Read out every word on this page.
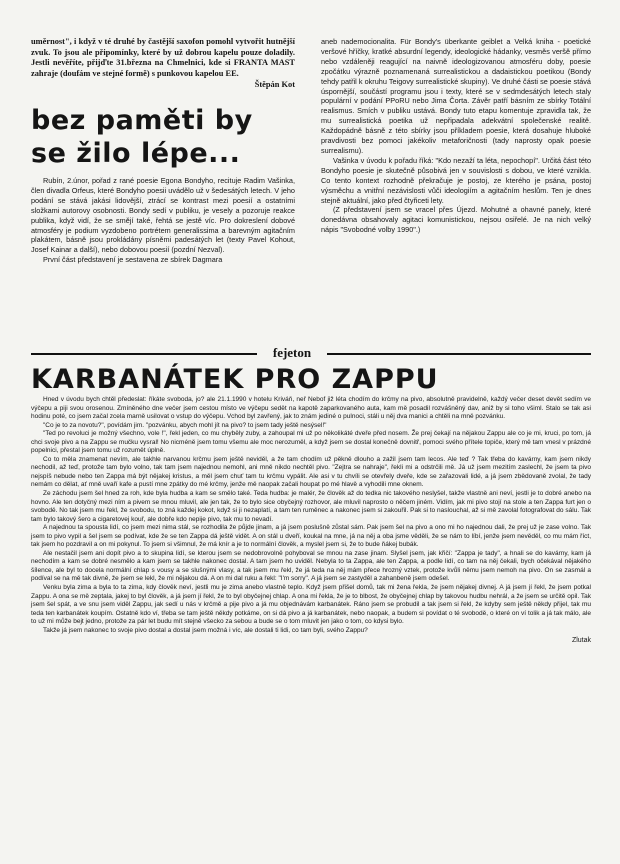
uměrnost", i když v té druhé by častější saxofon pomohl vytvořit hutnější zvuk. To jsou ale připomínky, které by už dobrou kapelu pouze doladily. Jestli nevěříte, přijďte 31.března na Chmelnici, kde si FRANTA MAST zahraje (doufám ve stejné formě) s punkovou kapelou EE.

Štěpán Kot

bez paměti by se žilo lépe...

Rubín, 2.únor, pořad z rané poesie Egona Bondyho, recituje Radim Vašinka, člen divadla Orfeus, které Bondyho poesii uvádělo už v šedesátých letech. V jeho podání se stává jakási lidovější, ztrácí se kontrast mezi poesií a ostatními složkami autorovy osobnosti. Bondy sedí v publiku, je vesely a pozoruje reakce publika, když vidí, že se smějí také, řehtá se jestě víc. Pro dokreslení dobové atmosféry je podium vyzdobeno portrétem generalissima a barevným agitačním plakátem, básně jsou prokládány písněmi padesátých let (texty Pavel Kohout, Josef Kainar a další), nebo dobovou poesií (pozdní Nezval).

První část představení je sestavena ze sbírek Dagmara

aneb nademocionalita. Für Bondy's überkante geiblet a Velká kniha - poetické veršové hříčky, kratké absurdní legendy, ideologické hádanky, vesměs veršě přímo nebo vzdáleněji reagující na naivně ideologizovanou atmosféru doby, poesie zpočátku výrazně poznamenaná surrealistickou a dadaistickou poetikou (Bondy tehdy patřil k okruhu Teigovy surrealistické skupiny). Ve druhé části se poesie stává úspornější, součástí programu jsou i texty, které se v sedmdesátých letech staly populární v podání PPoRU nebo Jima Čorta. Závěr patří básním ze sbírky Totální realismus. Smích v publiku ustává. Bondy tuto etapu komentuje zpravidla tak, že mu surrealistická poetika už nepřipadala adekvátní společenské realitě. Každopádně básně z této sbírky jsou příkladem poesie, která dosahuje hluboké pravdivosti bez pomoci jakékoliv metaforičnosti (tady naprosty opak poesie surrealismu).

Vašinka v úvodu k pořadu říká: "Kdo nezaží ta léta, nepochopí". Určitá část této Bondyho poesie je skutečně působivá jen v souvislosti s dobou, ve které vznikla. Co tento kontext rozhodně překračuje je postoj, ze kterého je psána, postoj výsměchu a vnitřní nezávislosti vůči ideologiím a agitačním heslům. Ten je dnes stejně aktuální, jako před čtyřiceti lety.

(Z představení jsem se vracel přes Újezd. Mohutné a ohavné panely, které donedávna obsahovaly agitaci komunistickou, nejsou osiřelé. Je na nich velký nápis "Svobodné volby 1990".)

fejeton
KARBANÁTEK PRO ZAPPU

Hned v úvodu bych chtěl předeslat: říkáte svoboda, jo? ale 21.1.1990 v hotelu Kriváň, neř Nebof již léta chodím do krčmy na pivo, absolutně pravidelně, každý večer deset devět sedím ve výčepu a piji svou orosenou. Zmíněného dne večer jsem cestou místo ve výčepu sedět na kapotě zaparkovaného auta, kam mě posadil rozvášněný dav, aniž by si toho všiml. Stalo se tak asi hodinu poté, co jsem začal zcela marně usilovat o vstup do výčepu. Vchod byl zavřený, jak to znám jediné o pulnoci, stáli u něj dva manici a chtěli na mně pozvánku.

"Co je to za novotu?", povídám jim. "pozvánku, abych mohl jít na pivo? to jsem tady ještě nesýsel!"

"Ted po revoluci je možný všechno, vole !", řekl jeden, co mu chyběly zuby, a zahoupal mi už po několikáté dveře před nosem. Že prej čekají na nějakou Zappu ale co je mi, kruci, po tom, já chci svoje pivo a na Zappu se mučku vysral! No nicméně jsem tomu všemu ale moc nerozuměl, a když jsem se dostal konečně dovnitř, pomoci svého přítele topiče, který mě tam vnesl v prázdné popelnici, přestal jsem tomu už rozumět úplně.

Co to měla znamenat nevím, ale takhle narvanou krčmu jsem ještě neviděl, a že tam chodím už pěkně dlouho a zažil jsem tam lecos. Ale teď ? Tak třeba do kavárny, kam jsem nikdy nechodil, až teď, protože tam bylo volno, tak tam jsem najednou nemohl, ani mně nikdo nechtěl pivo. "Zejtra se nahraje", řekli mi a odstrčili mě. Já už jsem mezitím zaslechl, že jsem ta pivo nejspíš nebude nebo ten Zappa má být nějakej kristus, a měl jsem chuť tam tu krčmu vypálit. Ale asi v tu chvíli se otevřely dveře, kde se zařazovali lidé, a já jsem zbědovaně zvolal, že tady nemám co dělat, ať mně uvaří kafe a pustí mne zpátky do mé krčmy, jenže mě naopak začali houpat po mé hlavě a vyhodili mne oknem.

Ze záchodu jsem šel hned za roh, kde byla hudba a kam se smělo také. Teda hudba: je malér, že člověk až do tedka nic takového neslyšel, takže vlastně ani neví, jestli je to dobré anebo na hovno. Ale ten dotyčný mezi ním a pivem se mnou mluvil, ale jen tak, že to bylo sice obyčejný rozhovor, ale mluvil naprosto o něčem jiném. Vidím, jak mi pivo stojí na stole a ten Zappa furt jen o svobodě. No tak jsem mu řekl, že svobodu, to zná každej kokot, když si ji nezaplatí, a tam ten ruměnec a nakonec jsem si zakouřil. Pak si to naslouchal, až si mě zavolal fotografovat do sálu. Tak tam bylo takový šero a cigaretovej kouř, ale dobře kdo nepije pivo, tak mu to nevadí.

A najednou ta spousta lidí, co jsem mezi nima stál, se rozhodila že půjde jinam, a já jsem poslušně zůstal sám. Pak jsem šel na pivo a ono mi ho najednou dali, že prej už je zase volno. Tak jsem to pivo vypil a šel jsem se podívat, kde že se ten Zappa dá ještě vidět. A on stál u dveří, koukal na mne, já na něj a oba jsme věděli, že se nám to líbí, jenže jsem nevěděl, co mu mám říct, tak jsem ho pozdravil a on mi pokynul. To jsem si všimnul, že má knír a je to normální člověk, a myslel jsem si, že to bude ňákej bubák.

Ale nestačil jsem ani dopít pivo a to skupina lidí, se kterou jsem se nedobrovolně pohyboval se mnou na zase jinam. Slyšel jsem, jak křičí: "Zappa je tady", a hnali se do kavárny, kam já nechodím a kam se dobré nesmělo a kam jsem se takhle nakonec dostal. A tam jsem ho uviděl. Nebyla to ta Zappa, ale ten Zappa, a podle lidí, co tam na něj čekali, bych očekával nějakého šílence, ale byl to docela normální chlap s vousy a se slušnými vlasy, a tak jsem mu řekl, že já teda na něj mám přece hrozný vztek, protože kvůli němu jsem nemoh na pivo. On se zasmál a podíval se na mě tak divně, že jsem se lekl, že mi nějakou dá. A on mi dal ruku a řekl: "I'm sorry". A já jsem se zastyděl a zahanbeně jsem odešel.

Venku byla zima a byla to ta zima, kdy člověk neví, jestli mu je zima anebo vlastně teplo. Když jsem přišel domů, tak mi žena řekla, že jsem nějakej divnej. A já jsem jí řekl, že jsem potkal Zappu. A ona se mě zeptala, jakej to byl člověk, a já jsem jí řekl, že to byl obyčejnej chlap. A ona mi řekla, že je to blbost, že obyčejnej chlap by takovou hudbu nehrál, a že jsem se určitě opil. Tak jsem šel spát, a ve snu jsem viděl Zappu, jak sedí u nás v krčmě a pije pivo a já mu objednávám karbanátek. Ráno jsem se probudil a tak jsem si řekl, že kdyby sem ještě někdy přijel, tak mu teda ten karbanátek koupím. Ostatně kdo ví, třeba se tam ještě někdy potkáme, on si dá pivo a já karbanátek, nebo naopak, a budem si povídat o té svobodě, o které on ví tolik a já tak málo, ale to už mi může bejt jedno, protože za pár let budu mít stejně všecko za sebou a bude se o tom mluvit jen jako o tom, co kdysi bylo.

Takže já jsem nakonec to svoje pivo dostal a dostal jsem možná i víc, ale dostali ti lidi, co tam byli, svého Zappu?

Zlutak
